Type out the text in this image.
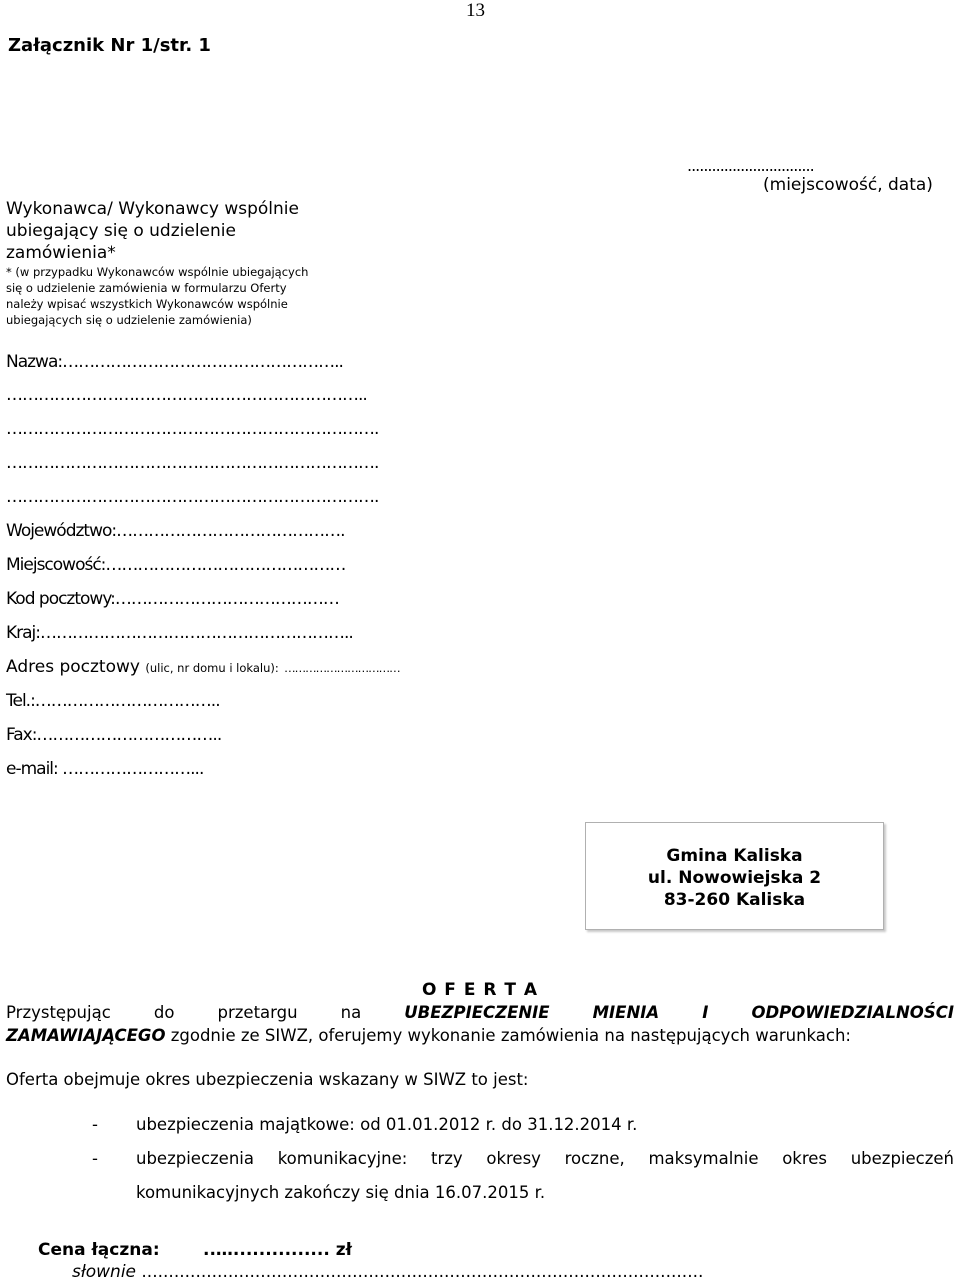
13
Załącznik Nr 1/str. 1
Wykonawca/ Wykonawcy wspólnie ubiegający się o udzielenie zamówienia*
* (w przypadku Wykonawców wspólnie ubiegających się o udzielenie zamówienia w formularzu Oferty należy wpisać wszystkich Wykonawców wspólnie ubiegających się o udzielenie zamówienia)
...............................
(miejscowość, data)
Nazwa:……………………………………………..
…………………………………………………………..
…………………………………………………………….
…………………………………………………………….
…………………………………………………………….
Województwo:…………………………………….
Miejscowość:………………………………………
Kod pocztowy:……………………………………
Kraj:…………………………………………………..
Adres pocztowy (ulic, nr domu i lokalu): ……………………………
Tel.:……………………………..
Fax:……………………………..
e-mail: ……………………...
Gmina Kaliska
ul. Nowowiejska 2
83-260 Kaliska
O F E R T A
Przystępując	do	przetargu	na	UBEZPIECZENIE	MIENIA	I	ODPOWIEDZIALNOŚCI
ZAMAWIAJĄCEGO zgodnie ze SIWZ, oferujemy wykonanie zamówienia na następujących warunkach:
Oferta obejmuje okres ubezpieczenia wskazany w SIWZ to jest:
- ubezpieczenia majątkowe: od 01.01.2012 r. do 31.12.2014 r.
- ubezpieczenia komunikacyjne: trzy okresy roczne, maksymalnie okres ubezpieczeń
komunikacyjnych zakończy się dnia 16.07.2015 r.
Cena łączna:	..…............... zł
słownie ........................................................................................................
